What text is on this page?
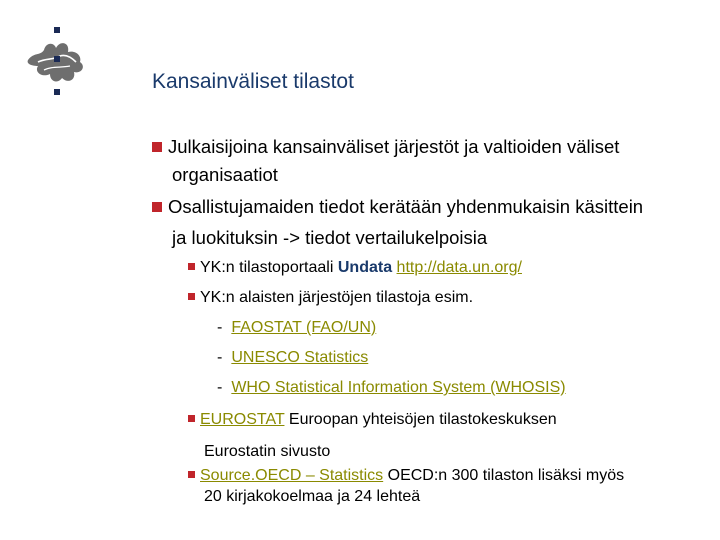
Kansainväliset tilastot
Julkaisijoina kansainväliset järjestöt ja valtioiden väliset
organisaatiot
Osallistujamaiden tiedot kerätään yhdenmukaisin käsittein
ja luokituksin -> tiedot vertailukelpoisia
YK:n tilastoportaali Undata http://data.un.org/
YK:n alaisten järjestöjen tilastoja esim.
- FAOSTAT (FAO/UN)
- UNESCO Statistics
- WHO Statistical Information System (WHOSIS)
EUROSTAT Euroopan yhteisöjen tilastokeskuksen
Eurostatin sivusto
Source.OECD – Statistics OECD:n 300 tilaston lisäksi myös
20 kirjakokoelmaa ja 24 lehteä
